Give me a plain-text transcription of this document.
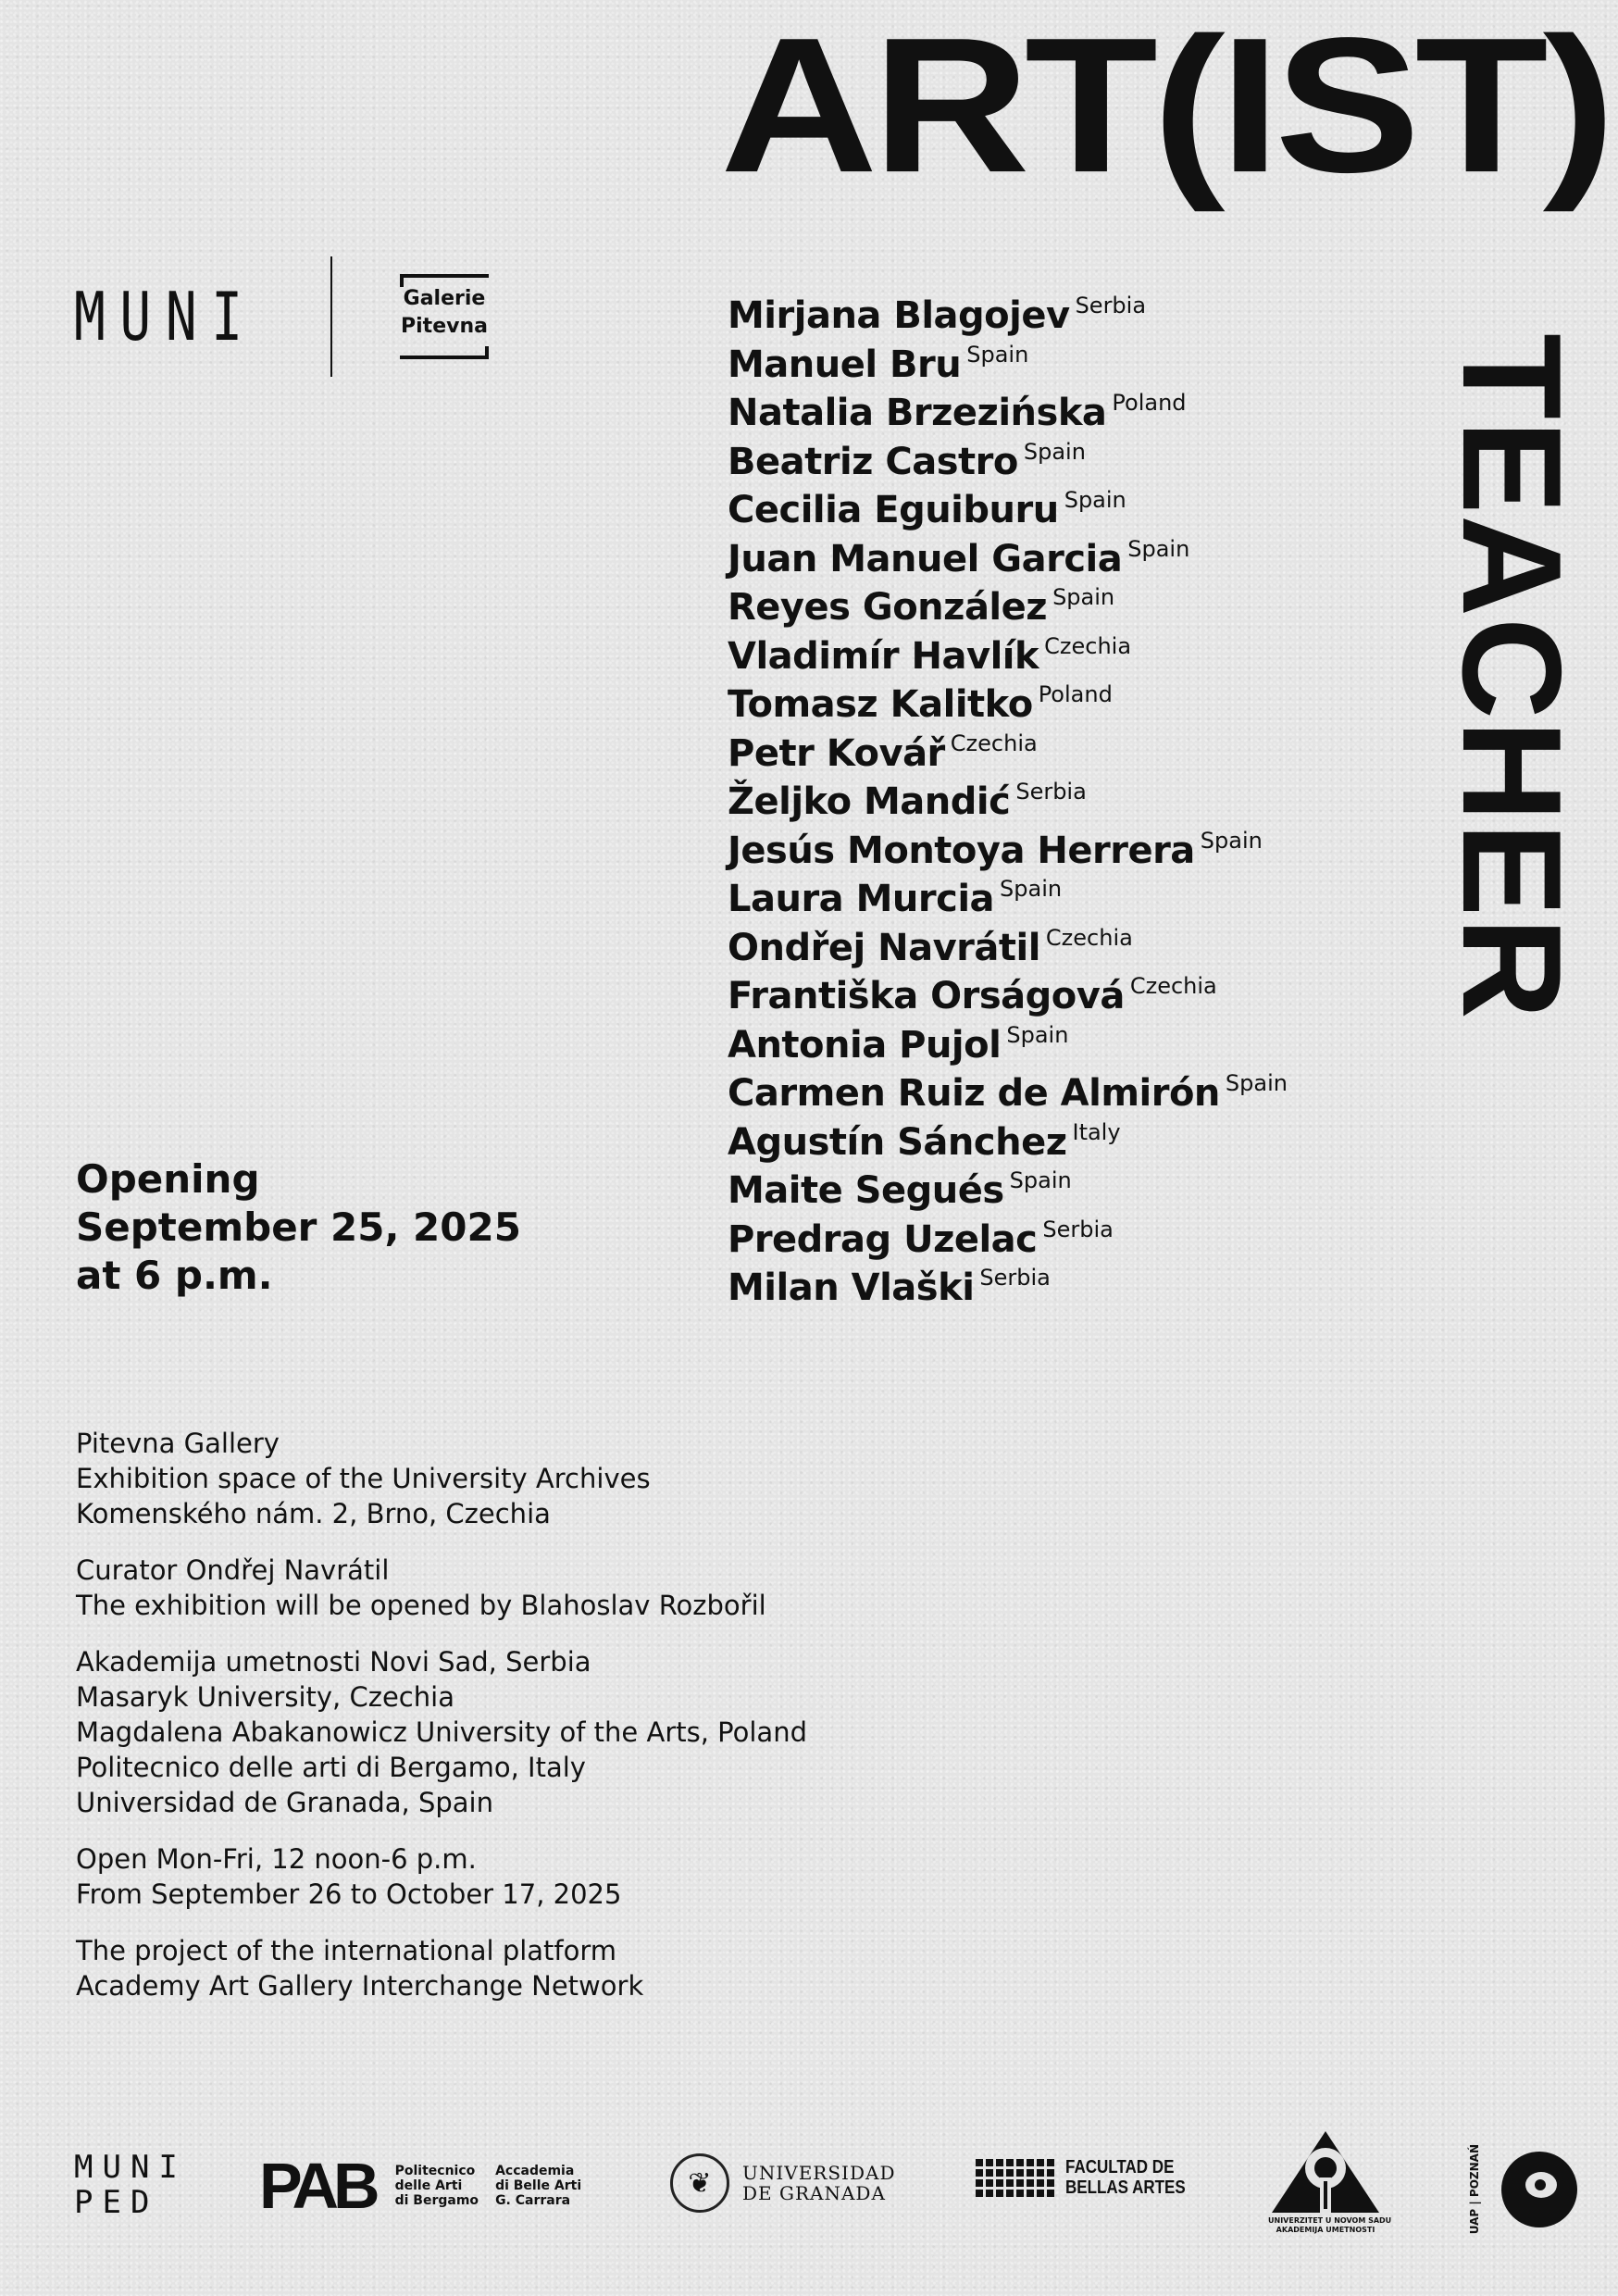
ART(IST)
TEACHER
MUNI	Galerie
Pitevna	Mirjana Blagojev Serbia
Manuel Bru Spain
Natalia Brzezińska Poland
Beatriz Castro Spain
Cecilia Eguiburu Spain
Juan Manuel Garcia Spain
Reyes González Spain
Vladimír Havlík Czechia
Tomasz Kalitko Poland
Petr Kovář Czechia
Željko Mandić Serbia
Jesús Montoya Herrera Spain
Laura Murcia Spain
Ondřej Navrátil Czechia
Františka Orságová Czechia
Antonia Pujol Spain
Carmen Ruiz de Almirón Spain
Agustín Sánchez Italy
Maite Segués Spain
Predrag Uzelac Serbia
Milan Vlaški Serbia
Opening
September 25, 2025
at 6 p.m.
Pitevna Gallery
Exhibition space of the University Archives
Komenského nám. 2, Brno, Czechia
Curator Ondřej Navrátil
The exhibition will be opened by Blahoslav Rozbořil
Akademija umetnosti Novi Sad, Serbia
Masaryk University, Czechia
Magdalena Abakanowicz University of the Arts, Poland
Politecnico delle arti di Bergamo, Italy
Universidad de Granada, Spain
Open Mon-Fri, 12 noon-6 p.m.
From September 26 to October 17, 2025
The project of the international platform
Academy Art Gallery Interchange Network
MUNI
PED	PAB Politecnico
delle Arti
di Bergamo
Accademia
di Belle Arti
G. Carrara
❦	UNIVERSIDAD
DE GRANADA
FACULTAD DE
BELLAS ARTES
UNIVERZITET U NOVOM SADU
AKADEMIJA UMETNOSTI	UAP | POZNAŃ
